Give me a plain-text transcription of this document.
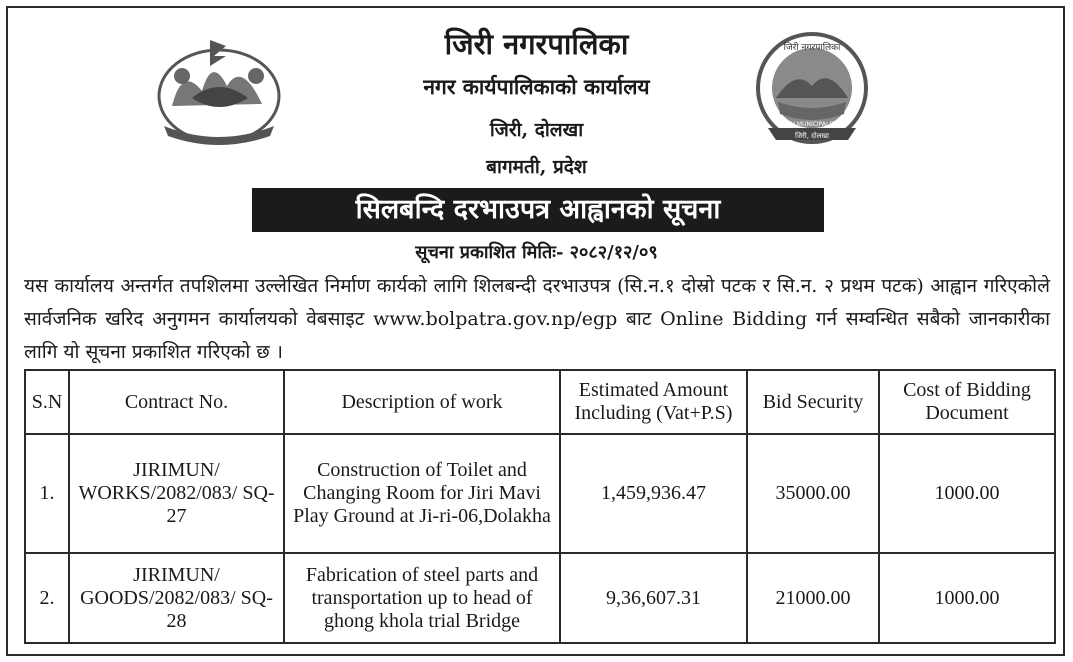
जिरी नगरपालिका
JIRI MUNICIPALITY
जिरी, दोलखा
जिरी नगरपालिका
नगर कार्यपालिकाको कार्यालय
जिरी, दोलखा
बागमती, प्रदेश
सिलबन्दि दरभाउपत्र आह्वानको सूचना
सूचना प्रकाशित मितिः- २०८२/१२/०९
यस कार्यालय अन्तर्गत तपशिलमा उल्लेखित निर्माण कार्यको लागि शिलबन्दी दरभाउपत्र (सि.न.१ दोस्रो पटक र सि.न. २ प्रथम पटक) आह्वान गरिएकोले सार्वजनिक खरिद अनुगमन कार्यालयको वेबसाइट www.bolpatra.gov.np/egp बाट Online Bidding गर्न सम्वन्धित सबैको जानकारीका लागि यो सूचना प्रकाशित गरिएको छ ।
S.N	Contract No.	Description of work	Estimated Amount Including (Vat+P.S)	Bid Security	Cost of Bidding Document
1.	JIRIMUN/ WORKS/2082/083/ SQ-27	Construction of Toilet and Changing Room for Jiri Mavi Play Ground at Ji-ri-06,Dolakha	1,459,936.47	35000.00	1000.00
2.	JIRIMUN/ GOODS/2082/083/ SQ-28	Fabrication of steel parts and transportation up to head of ghong khola trial Bridge	9,36,607.31	21000.00	1000.00
